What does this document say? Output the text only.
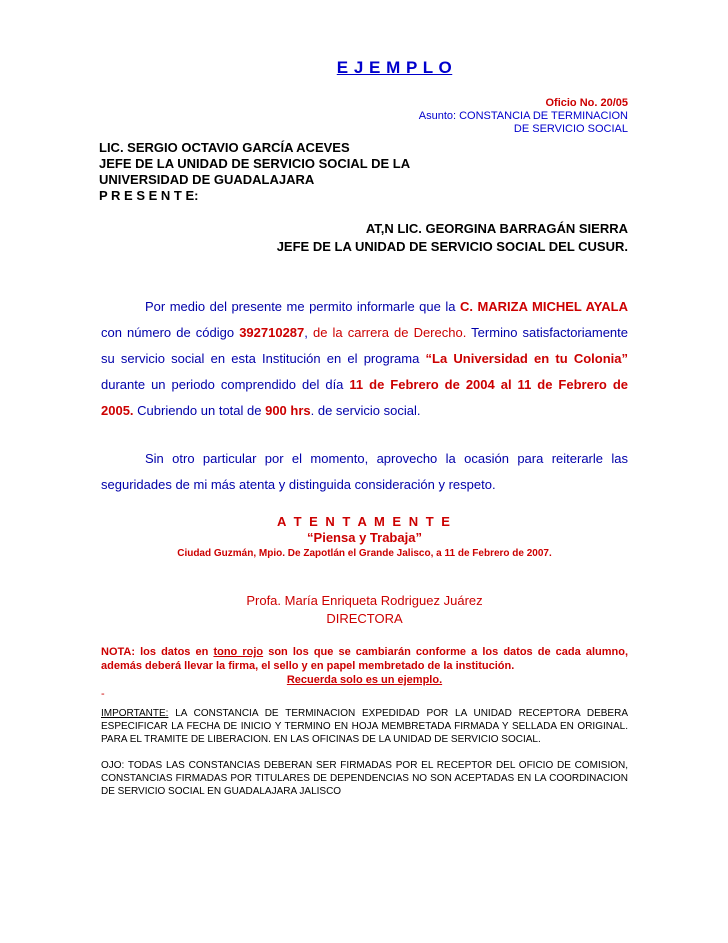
E J E M P L O
Oficio No. 20/05
Asunto: CONSTANCIA DE TERMINACION
DE SERVICIO SOCIAL
LIC. SERGIO OCTAVIO GARCÍA ACEVES
JEFE DE LA UNIDAD DE SERVICIO SOCIAL DE LA
UNIVERSIDAD DE GUADALAJARA
P R E S E N T E:
AT,N LIC. GEORGINA BARRAGÁN SIERRA
JEFE DE LA UNIDAD DE SERVICIO SOCIAL DEL CUSUR.
Por medio del presente me permito informarle que la C. MARIZA MICHEL AYALA con número de código 392710287, de la carrera de Derecho. Termino satisfactoriamente su servicio social en esta Institución en el programa “La Universidad en tu Colonia” durante un periodo comprendido del día 11 de Febrero de 2004 al 11 de Febrero de 2005. Cubriendo un total de 900 hrs. de servicio social.
Sin otro particular por el momento, aprovecho la ocasión para reiterarle las seguridades de mi más atenta y distinguida consideración y respeto.
A T E N T A M E N T E
“Piensa y Trabaja”
Ciudad Guzmán, Mpio. De Zapotlán el Grande Jalisco, a 11 de Febrero de 2007.
Profa. María Enriqueta Rodriguez Juárez
DIRECTORA
NOTA: los datos en tono rojo son los que se cambiarán conforme a los datos de cada alumno, además deberá llevar la firma, el sello y en papel membretado de la institución.
Recuerda solo es un ejemplo.
-
IMPORTANTE: LA CONSTANCIA DE TERMINACION EXPEDIDAD POR LA UNIDAD RECEPTORA DEBERA ESPECIFICAR LA FECHA DE INICIO Y TERMINO EN HOJA MEMBRETADA FIRMADA Y SELLADA EN ORIGINAL. PARA EL TRAMITE DE LIBERACION. EN LAS OFICINAS DE LA UNIDAD DE SERVICIO SOCIAL.
OJO: TODAS LAS CONSTANCIAS DEBERAN SER FIRMADAS POR EL RECEPTOR DEL OFICIO DE COMISION, CONSTANCIAS FIRMADAS POR TITULARES DE DEPENDENCIAS NO SON ACEPTADAS EN LA COORDINACION DE SERVICIO SOCIAL EN GUADALAJARA JALISCO
